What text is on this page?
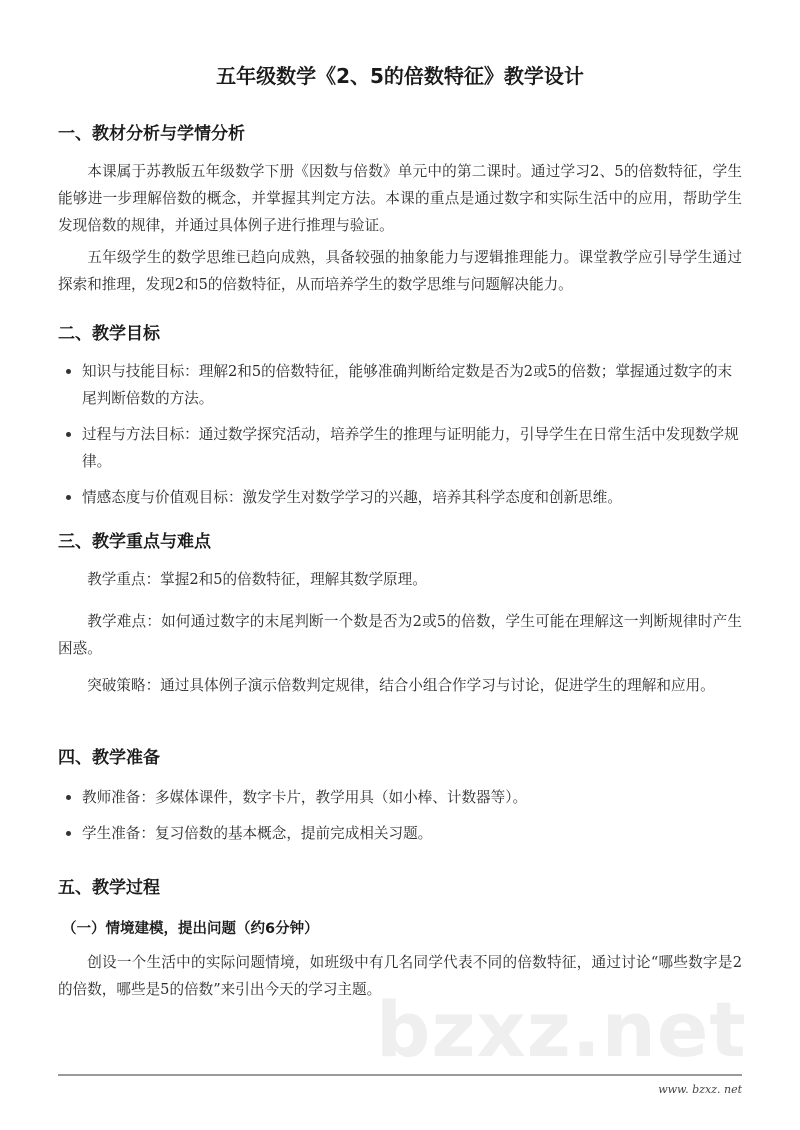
bzxz.net
五年级数学《2、5的倍数特征》教学设计
一、教材分析与学情分析

本课属于苏教版五年级数学下册《因数与倍数》单元中的第二课时。通过学习2、5的倍数特征，学生能够进一步理解倍数的概念，并掌握其判定方法。本课的重点是通过数字和实际生活中的应用，帮助学生发现倍数的规律，并通过具体例子进行推理与验证。

五年级学生的数学思维已趋向成熟，具备较强的抽象能力与逻辑推理能力。课堂教学应引导学生通过探索和推理，发现2和5的倍数特征，从而培养学生的数学思维与问题解决能力。

二、教学目标
知识与技能目标：理解2和5的倍数特征，能够准确判断给定数是否为2或5的倍数；掌握通过数字的末尾判断倍数的方法。
过程与方法目标：通过数学探究活动，培养学生的推理与证明能力，引导学生在日常生活中发现数学规律。
情感态度与价值观目标：激发学生对数学学习的兴趣，培养其科学态度和创新思维。
三、教学重点与难点

教学重点：掌握2和5的倍数特征，理解其数学原理。

教学难点：如何通过数字的末尾判断一个数是否为2或5的倍数，学生可能在理解这一判断规律时产生困惑。

突破策略：通过具体例子演示倍数判定规律，结合小组合作学习与讨论，促进学生的理解和应用。

四、教学准备
教师准备：多媒体课件，数字卡片，教学用具（如小棒、计数器等）。
学生准备：复习倍数的基本概念，提前完成相关习题。
五、教学过程
（一）情境建模，提出问题（约6分钟）

创设一个生活中的实际问题情境，如班级中有几名同学代表不同的倍数特征，通过讨论“哪些数字是2的倍数，哪些是5的倍数”来引出今天的学习主题。

www. bzxz. net
